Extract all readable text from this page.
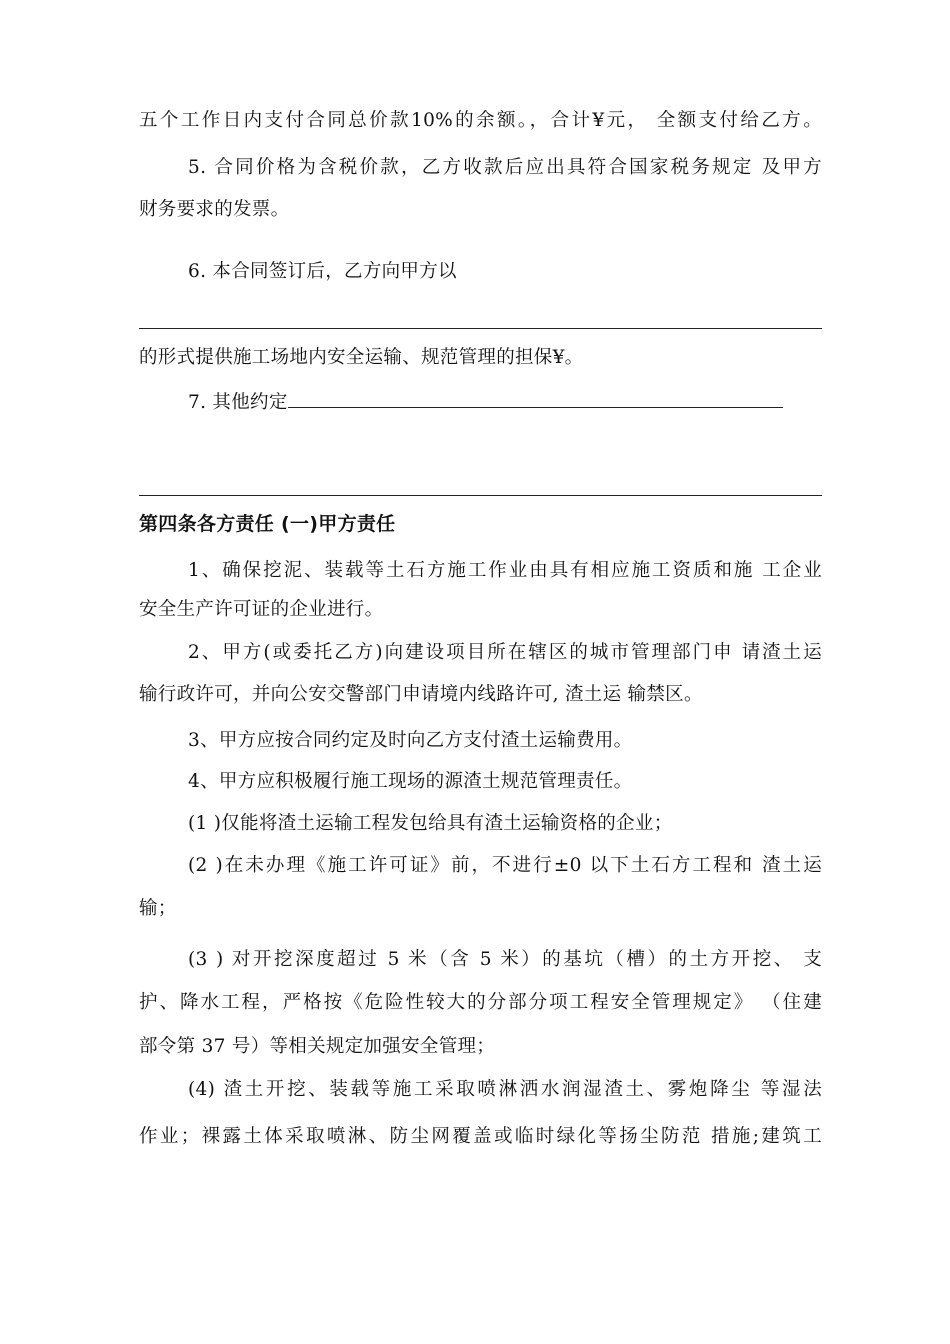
五个工作日内支付合同总价款10%的余额。，合计¥元， 全额支付给乙方。
5. 合同价格为含税价款，乙方收款后应出具符合国家税务规定 及甲方
财务要求的发票。
6. 本合同签订后，乙方向甲方以
的形式提供施工场地内安全运输、规范管理的担保¥。
7. 其他约定
第四条各方责任 (一)甲方责任
1、确保挖泥、装载等土石方施工作业由具有相应施工资质和施 工企业
安全生产许可证的企业进行。
2、甲方(或委托乙方)向建设项目所在辖区的城市管理部门申 请渣土运
输行政许可，并向公安交警部门申请境内线路许可, 渣土运 输禁区。
3、甲方应按合同约定及时向乙方支付渣土运输费用。
4、甲方应积极履行施工现场的源渣土规范管理责任。
(1 )仅能将渣土运输工程发包给具有渣土运输资格的企业；
(2 )在未办理《施工许可证》前，不进行±0 以下土石方工程和 渣土运
输；
(3 ) 对开挖深度超过 5 米（含 5 米）的基坑（槽）的土方开挖、 支
护、降水工程，严格按《危险性较大的分部分项工程安全管理规定》 （住建
部令第 37 号）等相关规定加强安全管理；
(4) 渣土开挖、装载等施工采取喷淋洒水润湿渣土、雾炮降尘 等湿法
作业；裸露土体采取喷淋、防尘网覆盖或临时绿化等扬尘防范 措施;建筑工
